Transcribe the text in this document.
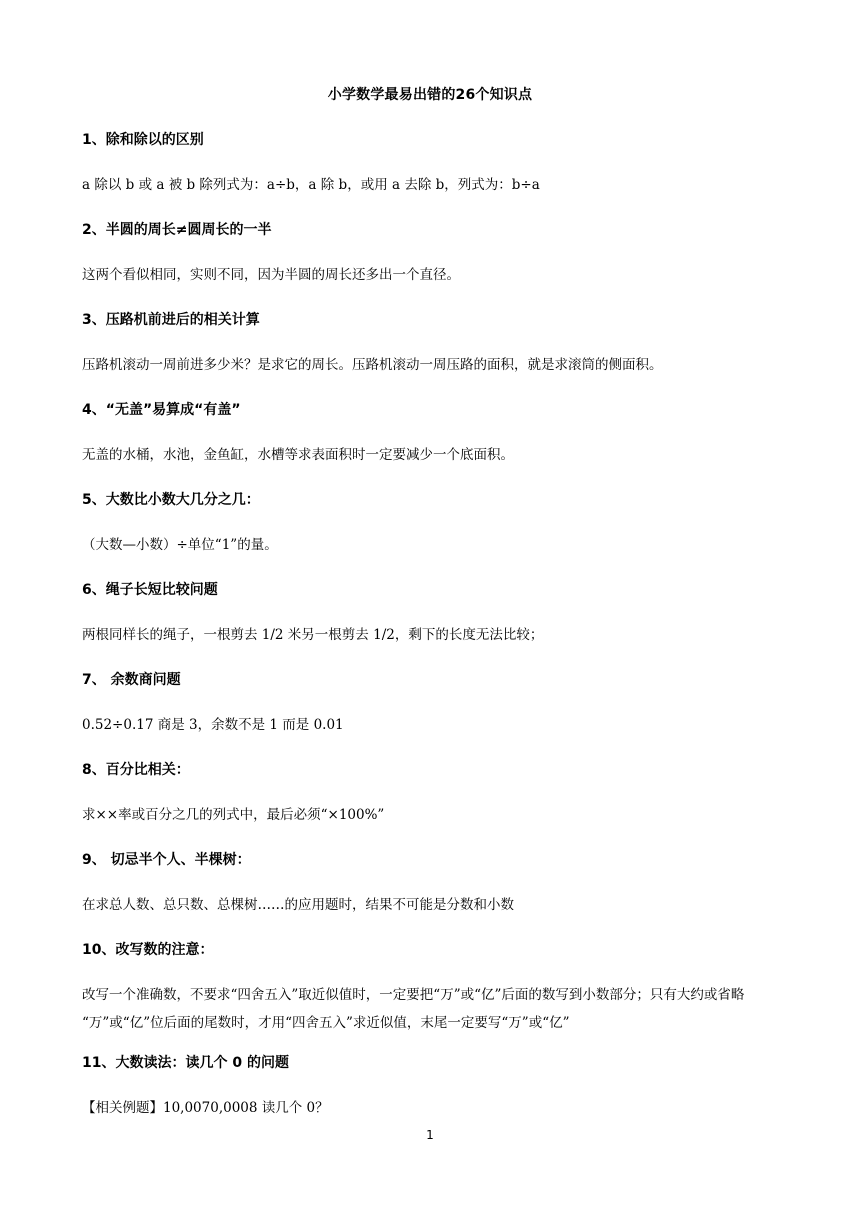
小学数学最易出错的26个知识点
1、除和除以的区别
a 除以 b 或 a 被 b 除列式为：a÷b，a 除 b，或用 a 去除 b，列式为：b÷a
2、半圆的周长≠圆周长的一半
这两个看似相同，实则不同，因为半圆的周长还多出一个直径。
3、压路机前进后的相关计算
压路机滚动一周前进多少米？是求它的周长。压路机滚动一周压路的面积，就是求滚筒的侧面积。
4、“无盖”易算成“有盖”
无盖的水桶，水池，金鱼缸，水槽等求表面积时一定要减少一个底面积。
5、大数比小数大几分之几：
（大数—小数）÷单位“1”的量。
6、绳子长短比较问题
两根同样长的绳子，一根剪去 1/2 米另一根剪去 1/2，剩下的长度无法比较；
7、 余数商问题
0.52÷0.17 商是 3，余数不是 1 而是 0.01
8、百分比相关：
求××率或百分之几的列式中，最后必须“×100%”
9、 切忌半个人、半棵树：
在求总人数、总只数、总棵树……的应用题时，结果不可能是分数和小数
10、改写数的注意：
改写一个准确数，不要求“四舍五入”取近似值时，一定要把“万”或“亿”后面的数写到小数部分；只有大约或省略 “万”或“亿”位后面的尾数时，才用“四舍五入”求近似值，末尾一定要写“万”或“亿”
11、大数读法：读几个 0 的问题
【相关例题】10,0070,0008 读几个 0？
1
